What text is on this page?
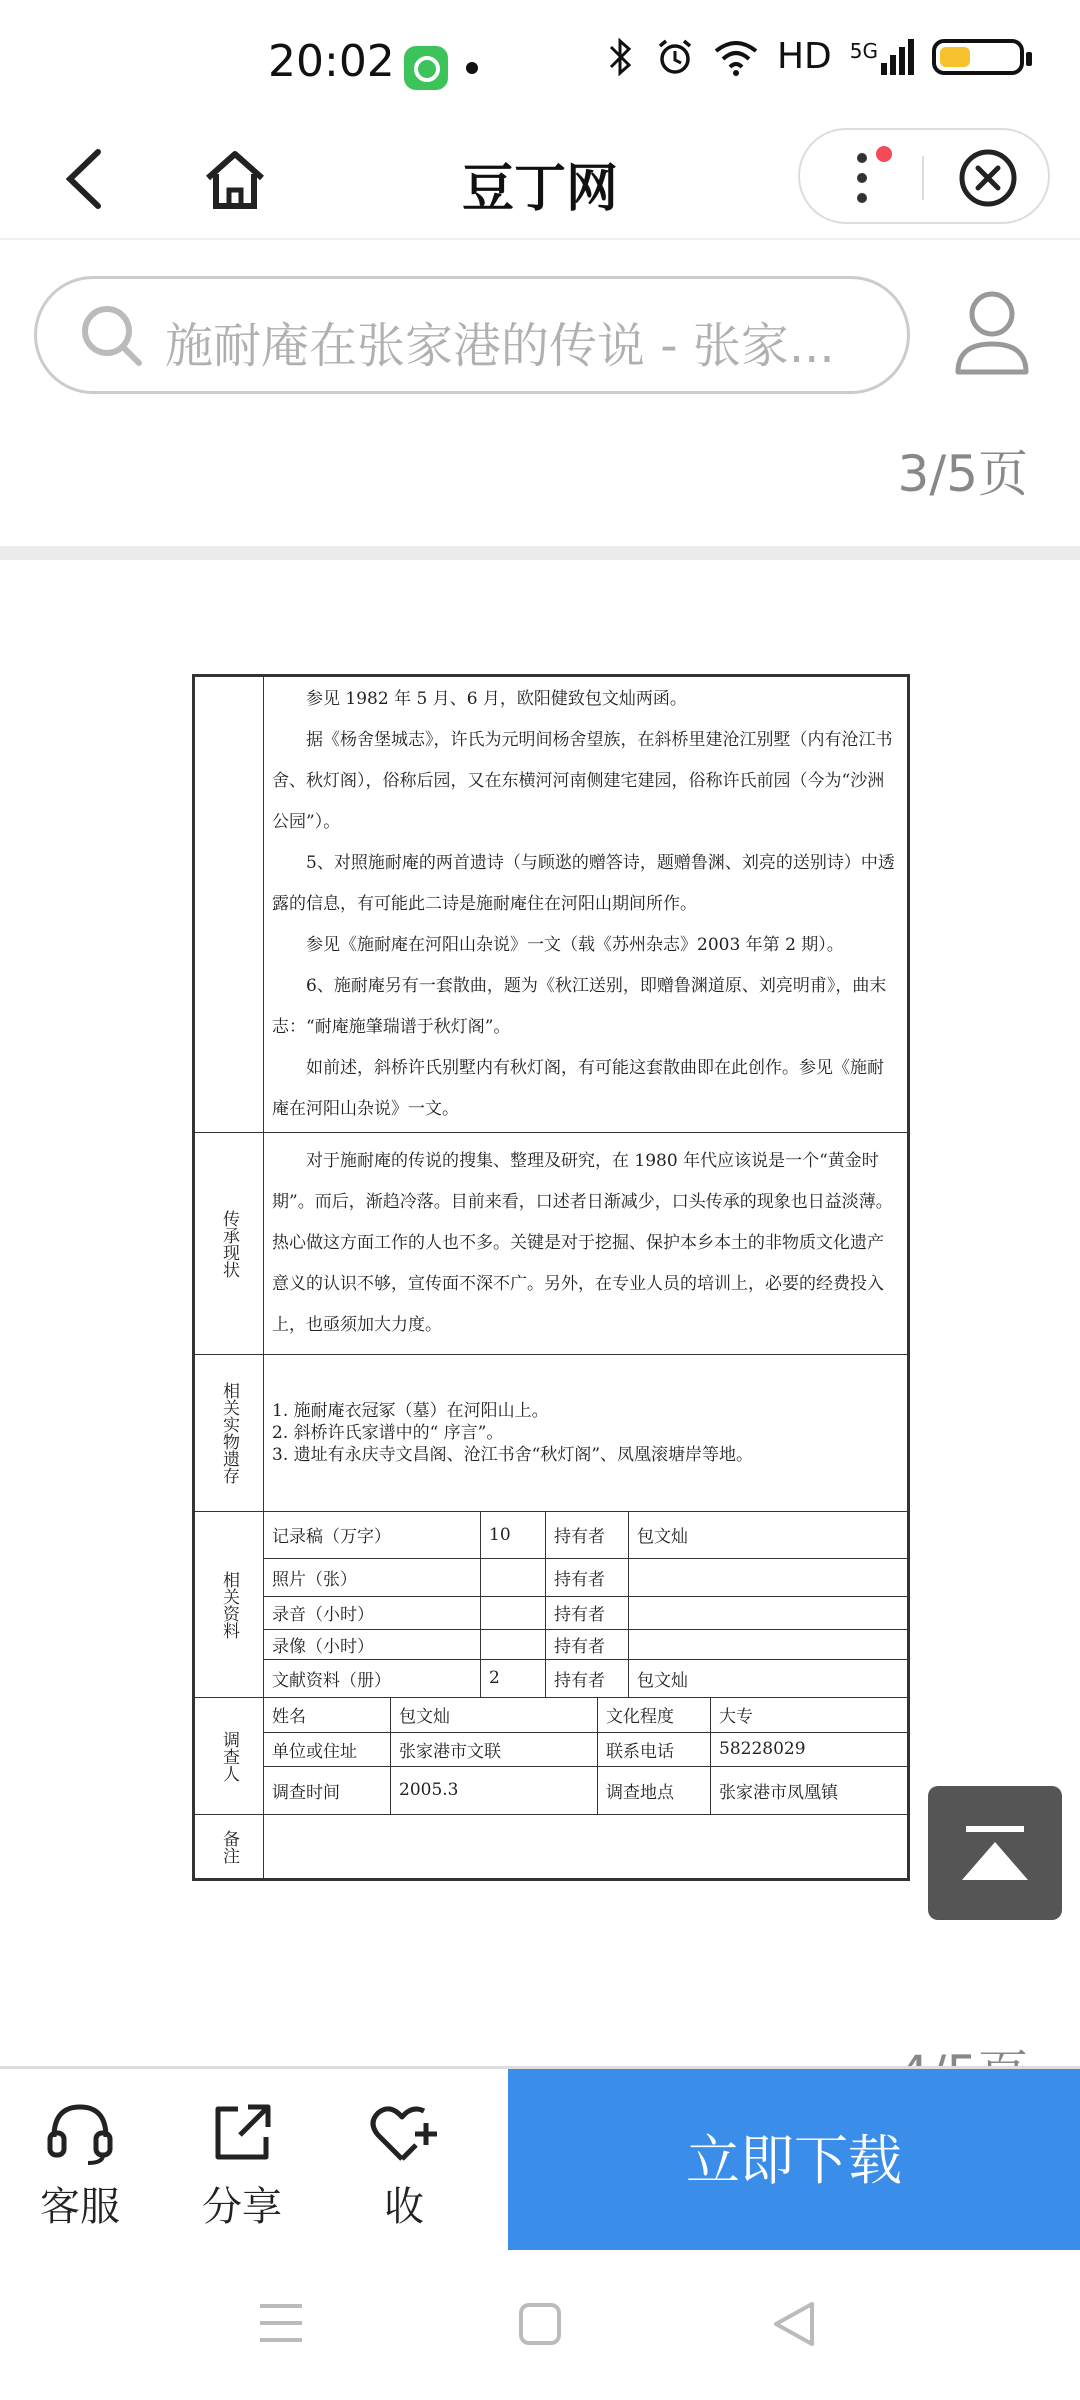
20:02	HD 5G
豆丁网
施耐庵在张家港的传说 - 张家...
3/5页

参见 1982 年 5 月、6 月，欧阳健致包文灿两函。

据《杨舍堡城志》，许氏为元明间杨舍望族，在斜桥里建沧江别墅（内有沧江书舍、秋灯阁），俗称后园，又在东横河河南侧建宅建园，俗称许氏前园（今为“沙洲公园”）。

5、对照施耐庵的两首遗诗（与顾逖的赠答诗，题赠鲁渊、刘亮的送别诗）中透露的信息，有可能此二诗是施耐庵住在河阳山期间所作。

参见《施耐庵在河阳山杂说》一文（载《苏州杂志》2003 年第 2 期）。

6、施耐庵另有一套散曲，题为《秋江送别，即赠鲁渊道原、刘亮明甫》，曲末志：“耐庵施肇瑞谱于秋灯阁”。

如前述，斜桥许氏别墅内有秋灯阁，有可能这套散曲即在此创作。参见《施耐庵在河阳山杂说》一文。

传承现状	

对于施耐庵的传说的搜集、整理及研究，在 1980 年代应该说是一个“黄金时期”。而后，渐趋冷落。目前来看，口述者日渐减少，口头传承的现象也日益淡薄。热心做这方面工作的人也不多。关键是对于挖掘、保护本乡本土的非物质文化遗产意义的认识不够，宣传面不深不广。另外，在专业人员的培训上，必要的经费投入上，也亟须加大力度。

相关实物遗存	1. 施耐庵衣冠冢（墓）在河阳山上。
2. 斜桥许氏家谱中的“ 序言”。
3. 遗址有永庆寺文昌阁、沧江书舍“秋灯阁”、凤凰滚塘岸等地。

相关资料	
记录稿（万字）	10	持有者	包文灿
照片（张）		持有者	
录音（小时）		持有者	
录像（小时）		持有者	
文献资料（册）	2	持有者	包文灿

调查人	
姓名	包文灿	文化程度	大专
单位或住址	张家港市文联	联系电话	58228029
调查时间	2005.3	调查地点	张家港市凤凰镇

备注	
客服	分享	收
立即下载
